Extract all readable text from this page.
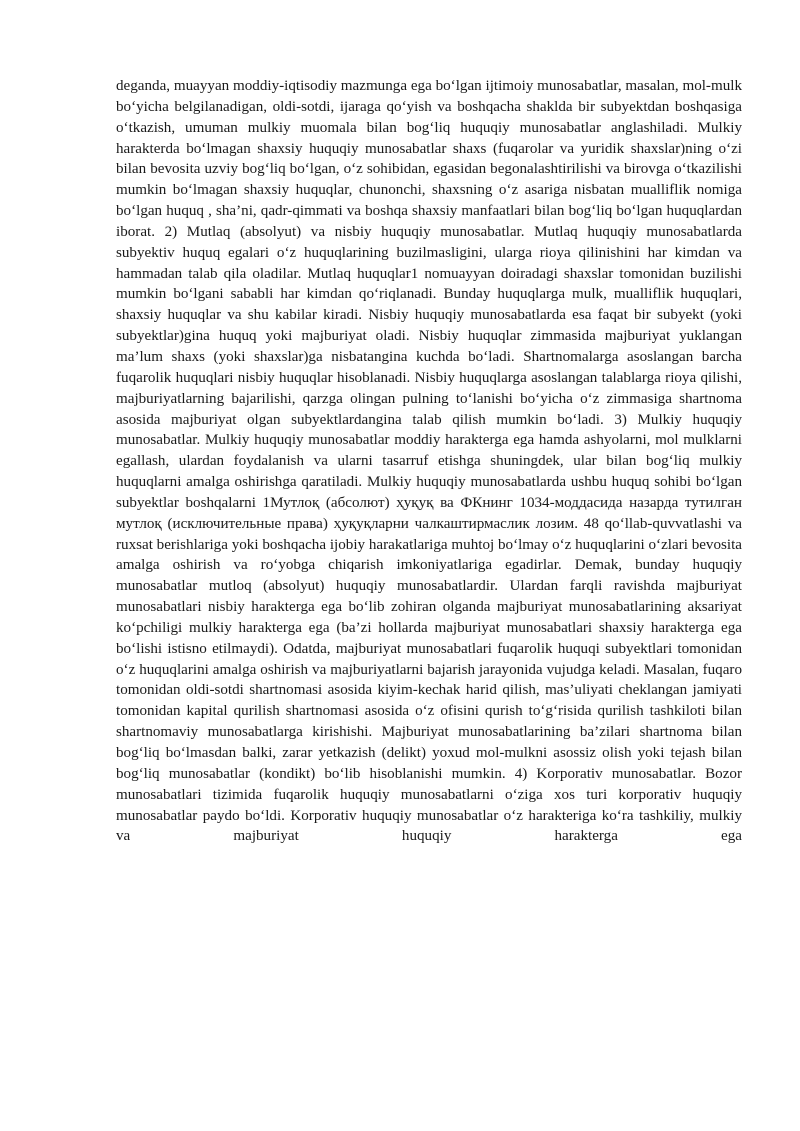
deganda, muayyan moddiy-iqtisodiy mazmunga ega boʻlgan ijtimoiy munosabatlar, masalan, mol-mulk boʻyicha belgilanadigan, oldi-sotdi, ijaraga qoʻyish va boshqacha shaklda bir subyektdan boshqasiga oʻtkazish, umuman mulkiy muomala bilan bogʻliq huquqiy munosabatlar anglashiladi. Mulkiy harakterda boʻlmagan shaxsiy huquqiy munosabatlar shaxs (fuqarolar va yuridik shaxslar)ning oʻzi bilan bevosita uzviy bogʻliq boʻlgan, oʻz sohibidan, egasidan begonalashtirilishi va birovga oʻtkazilishi mumkin boʻlmagan shaxsiy huquqlar, chunonchi, shaxsning oʻz asariga nisbatan mualliflik nomiga boʻlgan huquq , sha’ni, qadr-qimmati va boshqa shaxsiy manfaatlari bilan bogʻliq boʻlgan huquqlardan iborat. 2) Mutlaq (absolyut) va nisbiy huquqiy munosabatlar. Mutlaq huquqiy munosabatlarda subyektiv huquq egalari oʻz huquqlarining buzilmasligini, ularga rioya qilinishini har kimdan va hammadan talab qila oladilar. Mutlaq huquqlar1 nomuayyan doiradagi shaxslar tomonidan buzilishi mumkin boʻlgani sababli har kimdan qoʻriqlanadi. Bunday huquqlarga mulk, mualliflik huquqlari, shaxsiy huquqlar va shu kabilar kiradi. Nisbiy huquqiy munosabatlarda esa faqat bir subyekt (yoki subyektlar)gina huquq yoki majburiyat oladi. Nisbiy huquqlar zimmasida majburiyat yuklangan ma’lum shaxs (yoki shaxslar)ga nisbatangina kuchda boʻladi. Shartnomalarga asoslangan barcha fuqarolik huquqlari nisbiy huquqlar hisoblanadi. Nisbiy huquqlarga asoslangan talablarga rioya qilishi, majburiyatlarning bajarilishi, qarzga olingan pulning toʻlanishi boʻyicha oʻz zimmasiga shartnoma asosida majburiyat olgan subyektlardangina talab qilish mumkin boʻladi. 3) Mulkiy huquqiy munosabatlar. Mulkiy huquqiy munosabatlar moddiy harakterga ega hamda ashyolarni, mol mulklarni egallash, ulardan foydalanish va ularni tasarruf etishga shuningdek, ular bilan bogʻliq mulkiy huquqlarni amalga oshirishga qaratiladi. Mulkiy huquqiy munosabatlarda ushbu huquq sohibi boʻlgan subyektlar boshqalarni 1Мутлоқ (абсолют) ҳуқуқ ва ФКнинг 1034-моддасида назарда тутилган мутлоқ (исключительные права) ҳуқуқларни чалкаштирмаслик лозим. 48 qoʻllab-quvvatlashi va ruxsat berishlariga yoki boshqacha ijobiy harakatlariga muhtoj boʻlmay oʻz huquqlarini oʻzlari bevosita amalga oshirish va roʻyobga chiqarish imkoniyatlariga egadirlar. Demak, bunday huquqiy munosabatlar mutloq (absolyut) huquqiy munosabatlardir. Ulardan farqli ravishda majburiyat munosabatlari nisbiy harakterga ega boʻlib zohiran olganda majburiyat munosabatlarining aksariyat koʻpchiligi mulkiy harakterga ega (ba’zi hollarda majburiyat munosabatlari shaxsiy harakterga ega boʻlishi istisno etilmaydi). Odatda, majburiyat munosabatlari fuqarolik huquqi subyektlari tomonidan oʻz huquqlarini amalga oshirish va majburiyatlarni bajarish jarayonida vujudga keladi. Masalan, fuqaro tomonidan oldi-sotdi shartnomasi asosida kiyim-kechak harid qilish, mas’uliyati cheklangan jamiyati tomonidan kapital qurilish shartnomasi asosida oʻz ofisini qurish toʻgʻrisida qurilish tashkiloti bilan shartnomaviy munosabatlarga kirishishi. Majburiyat munosabatlarining ba’zilari shartnoma bilan bogʻliq boʻlmasdan balki, zarar yetkazish (delikt) yoxud mol-mulkni asossiz olish yoki tejash bilan bogʻliq munosabatlar (kondikt) boʻlib hisoblanishi mumkin. 4) Korporativ munosabatlar. Bozor munosabatlari tizimida fuqarolik huquqiy munosabatlarni oʻziga xos turi korporativ huquqiy munosabatlar paydo boʻldi. Korporativ huquqiy munosabatlar oʻz harakteriga koʻra tashkiliy, mulkiy va majburiyat huquqiy harakterga ega
